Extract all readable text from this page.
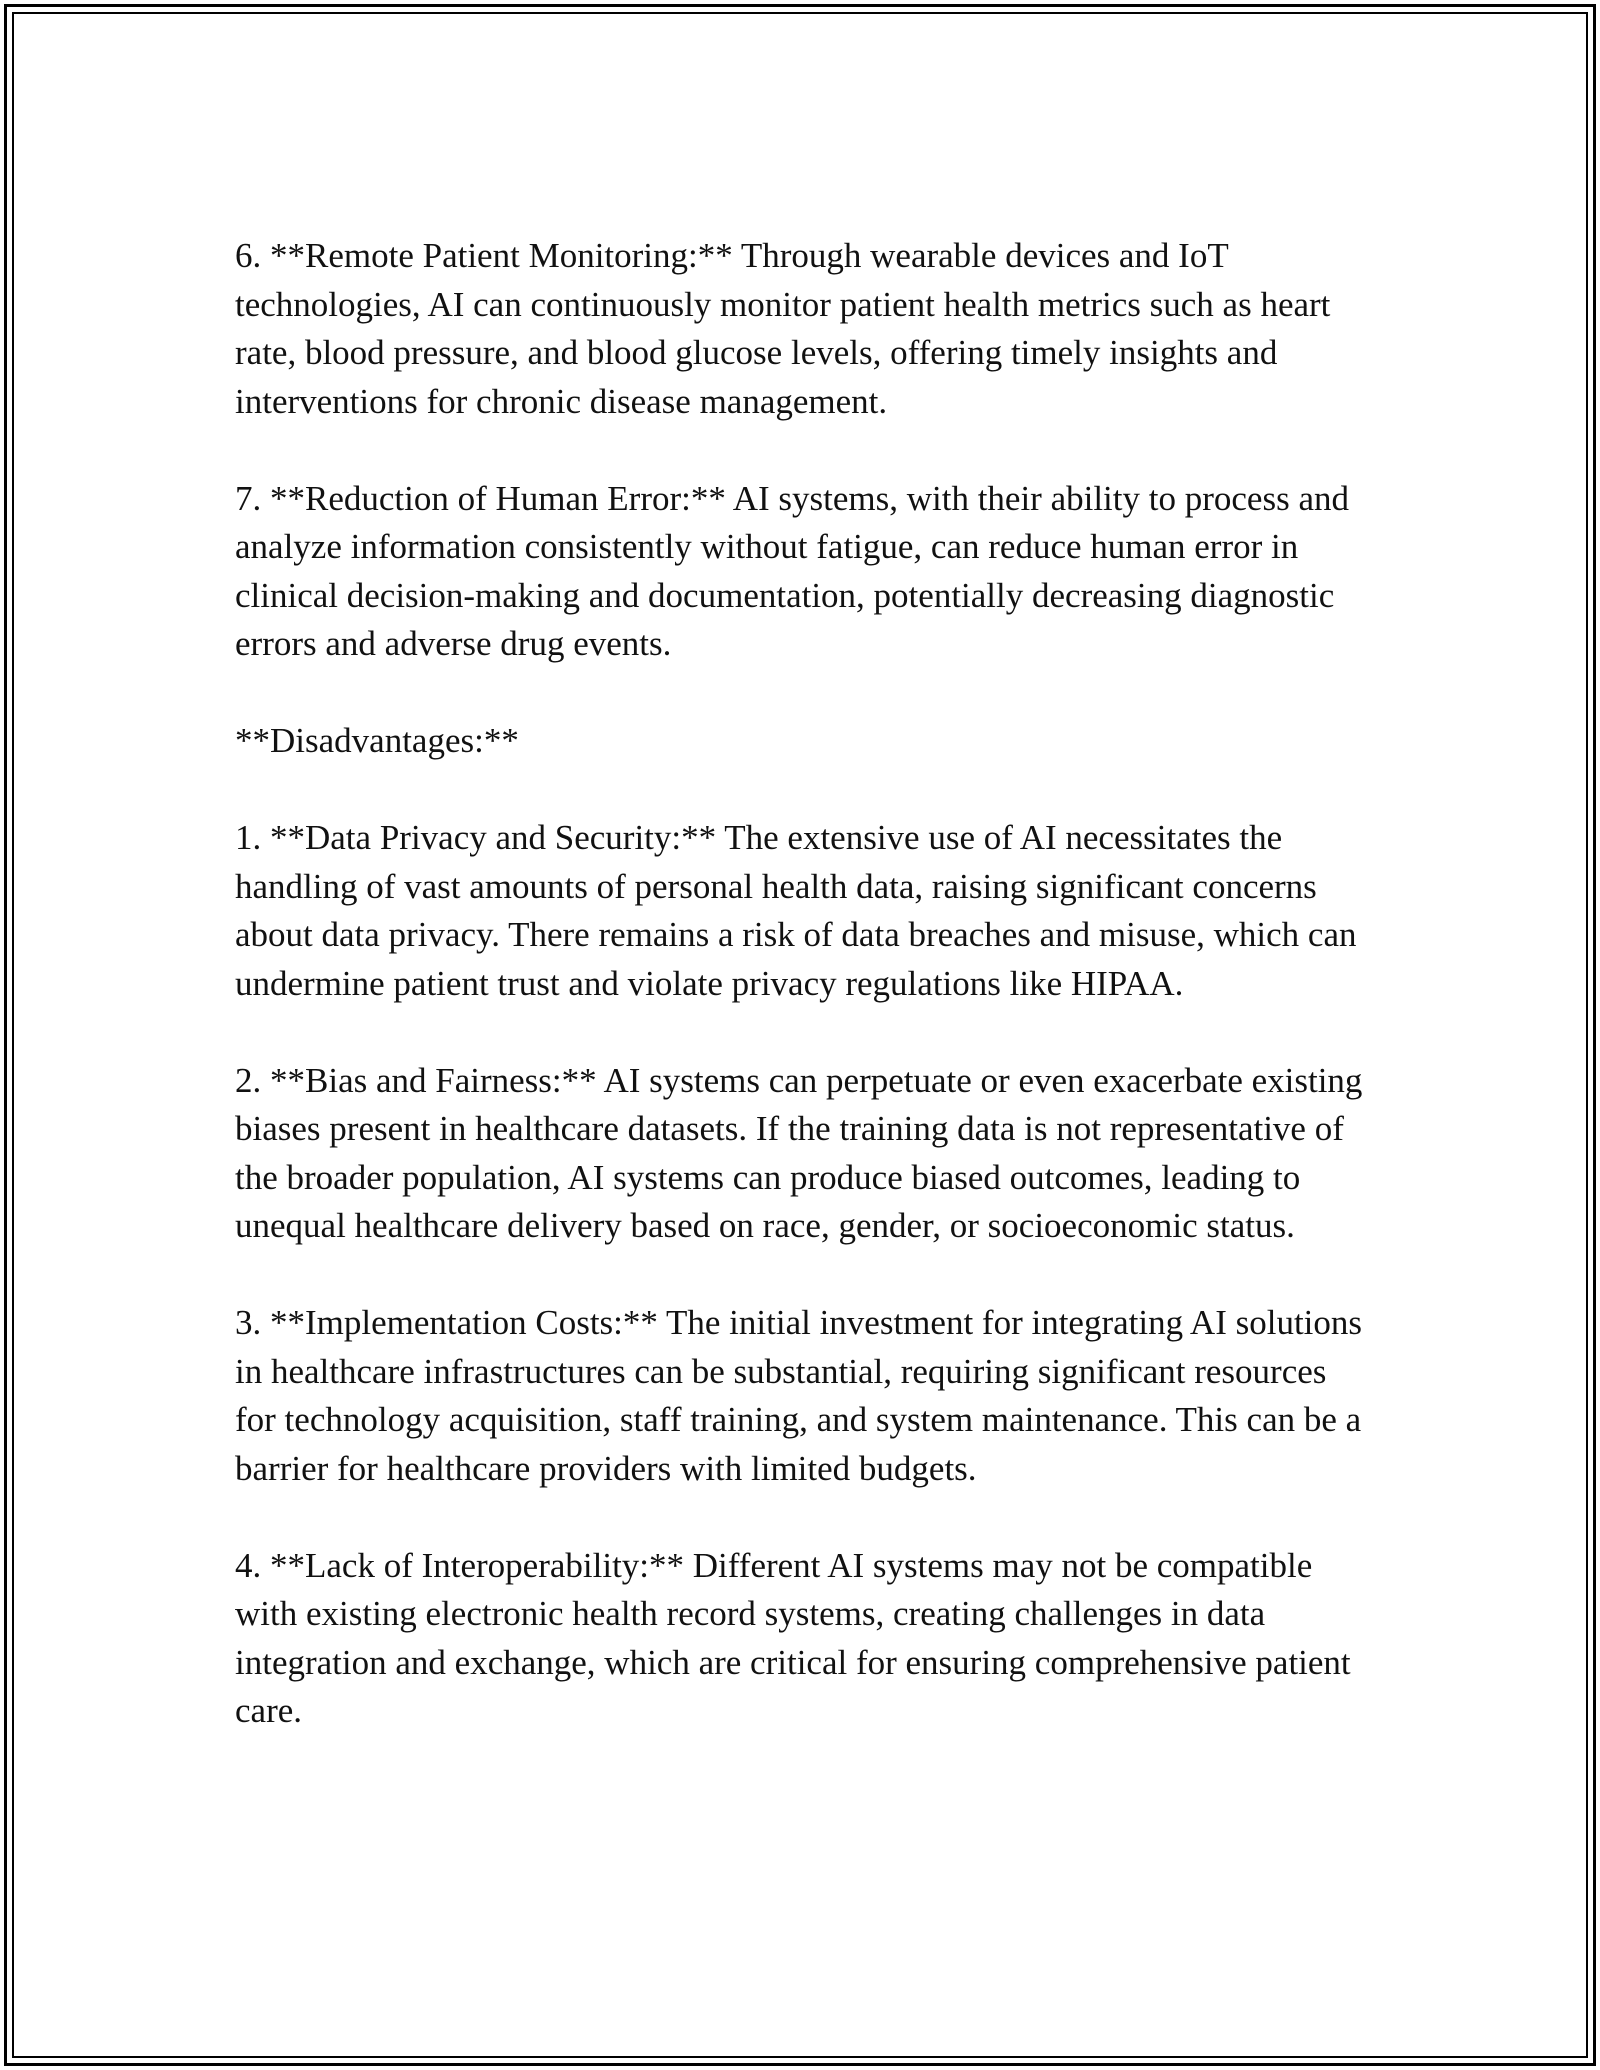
6. **Remote Patient Monitoring:** Through wearable devices and IoT technologies, AI can continuously monitor patient health metrics such as heart rate, blood pressure, and blood glucose levels, offering timely insights and interventions for chronic disease management.

7. **Reduction of Human Error:** AI systems, with their ability to process and analyze information consistently without fatigue, can reduce human error in clinical decision-making and documentation, potentially decreasing diagnostic errors and adverse drug events.

**Disadvantages:**

1. **Data Privacy and Security:** The extensive use of AI necessitates the handling of vast amounts of personal health data, raising significant concerns about data privacy. There remains a risk of data breaches and misuse, which can undermine patient trust and violate privacy regulations like HIPAA.

2. **Bias and Fairness:** AI systems can perpetuate or even exacerbate existing biases present in healthcare datasets. If the training data is not representative of the broader population, AI systems can produce biased outcomes, leading to unequal healthcare delivery based on race, gender, or socioeconomic status.

3. **Implementation Costs:** The initial investment for integrating AI solutions in healthcare infrastructures can be substantial, requiring significant resources for technology acquisition, staff training, and system maintenance. This can be a barrier for healthcare providers with limited budgets.

4. **Lack of Interoperability:** Different AI systems may not be compatible with existing electronic health record systems, creating challenges in data integration and exchange, which are critical for ensuring comprehensive patient care.
